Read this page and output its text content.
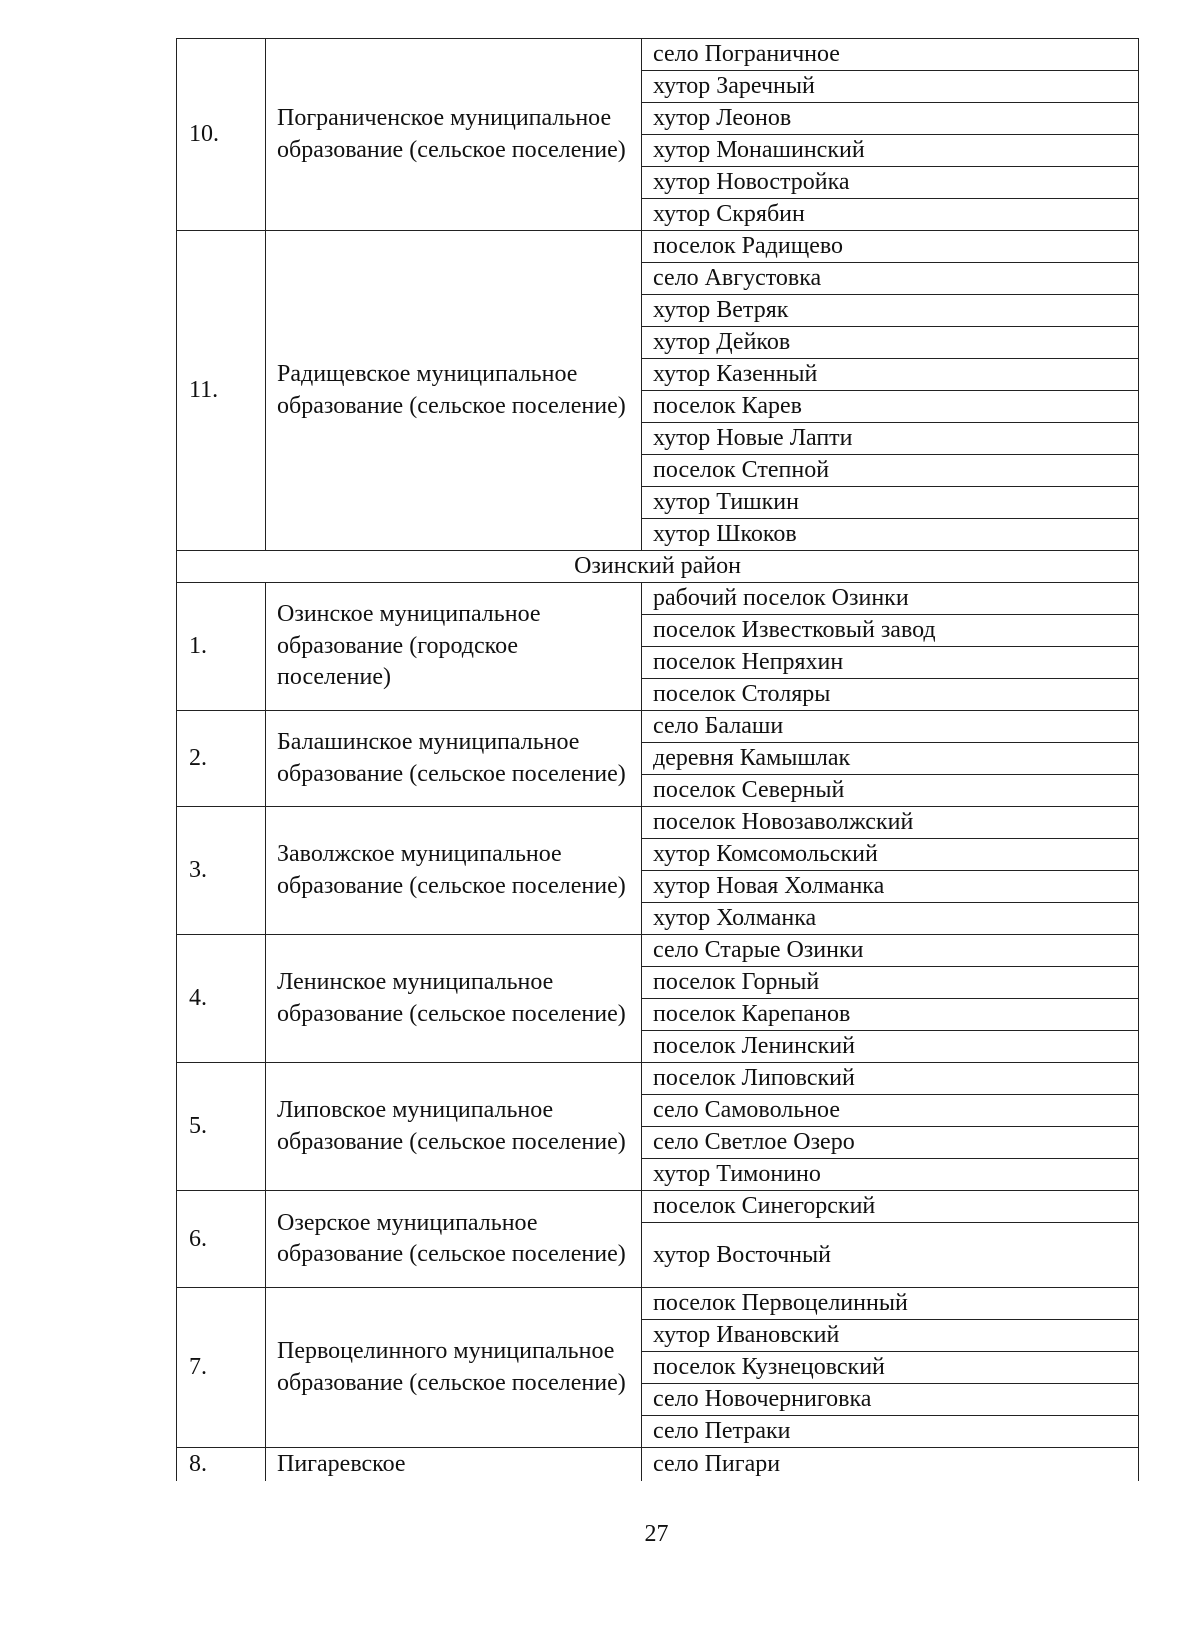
10.	Пограниченское муниципальное образование (сельское поселение)	село Пограничное
		хутор Заречный
		хутор Леонов
		хутор Монашинский
		хутор Новостройка
		хутор Скрябин
11.	Радищевское муниципальное образование (сельское поселение)	поселок Радищево
		село Августовка
		хутор Ветряк
		хутор Дейков
		хутор Казенный
		поселок Карев
		хутор Новые Лапти
		поселок Степной
		хутор Тишкин
		хутор Шкоков
Озинский район		
1.	Озинское муниципальное образование (городское поселение)	рабочий поселок Озинки
		поселок Известковый завод
		поселок Непряхин
		поселок Столяры
2.	Балашинское муниципальное образование (сельское поселение)	село Балаши
		деревня Камышлак
		поселок Северный
3.	Заволжское муниципальное образование (сельское поселение)	поселок Новозаволжский
		хутор Комсомольский
		хутор Новая Холманка
		хутор Холманка
4.	Ленинское муниципальное образование (сельское поселение)	село Старые Озинки
		поселок Горный
		поселок Карепанов
		поселок Ленинский
5.	Липовское муниципальное образование (сельское поселение)	поселок Липовский
		село Самовольное
		село Светлое Озеро
		хутор Тимонино
6.	Озерское муниципальное образование (сельское поселение)	поселок Синегорский
		хутор Восточный
7.	Первоцелинного муниципальное образование (сельское поселение)	поселок Первоцелинный
		хутор Ивановский
		поселок Кузнецовский
		село Новочерниговка
		село Петраки
8.	Пигаревское	село Пигари
27
